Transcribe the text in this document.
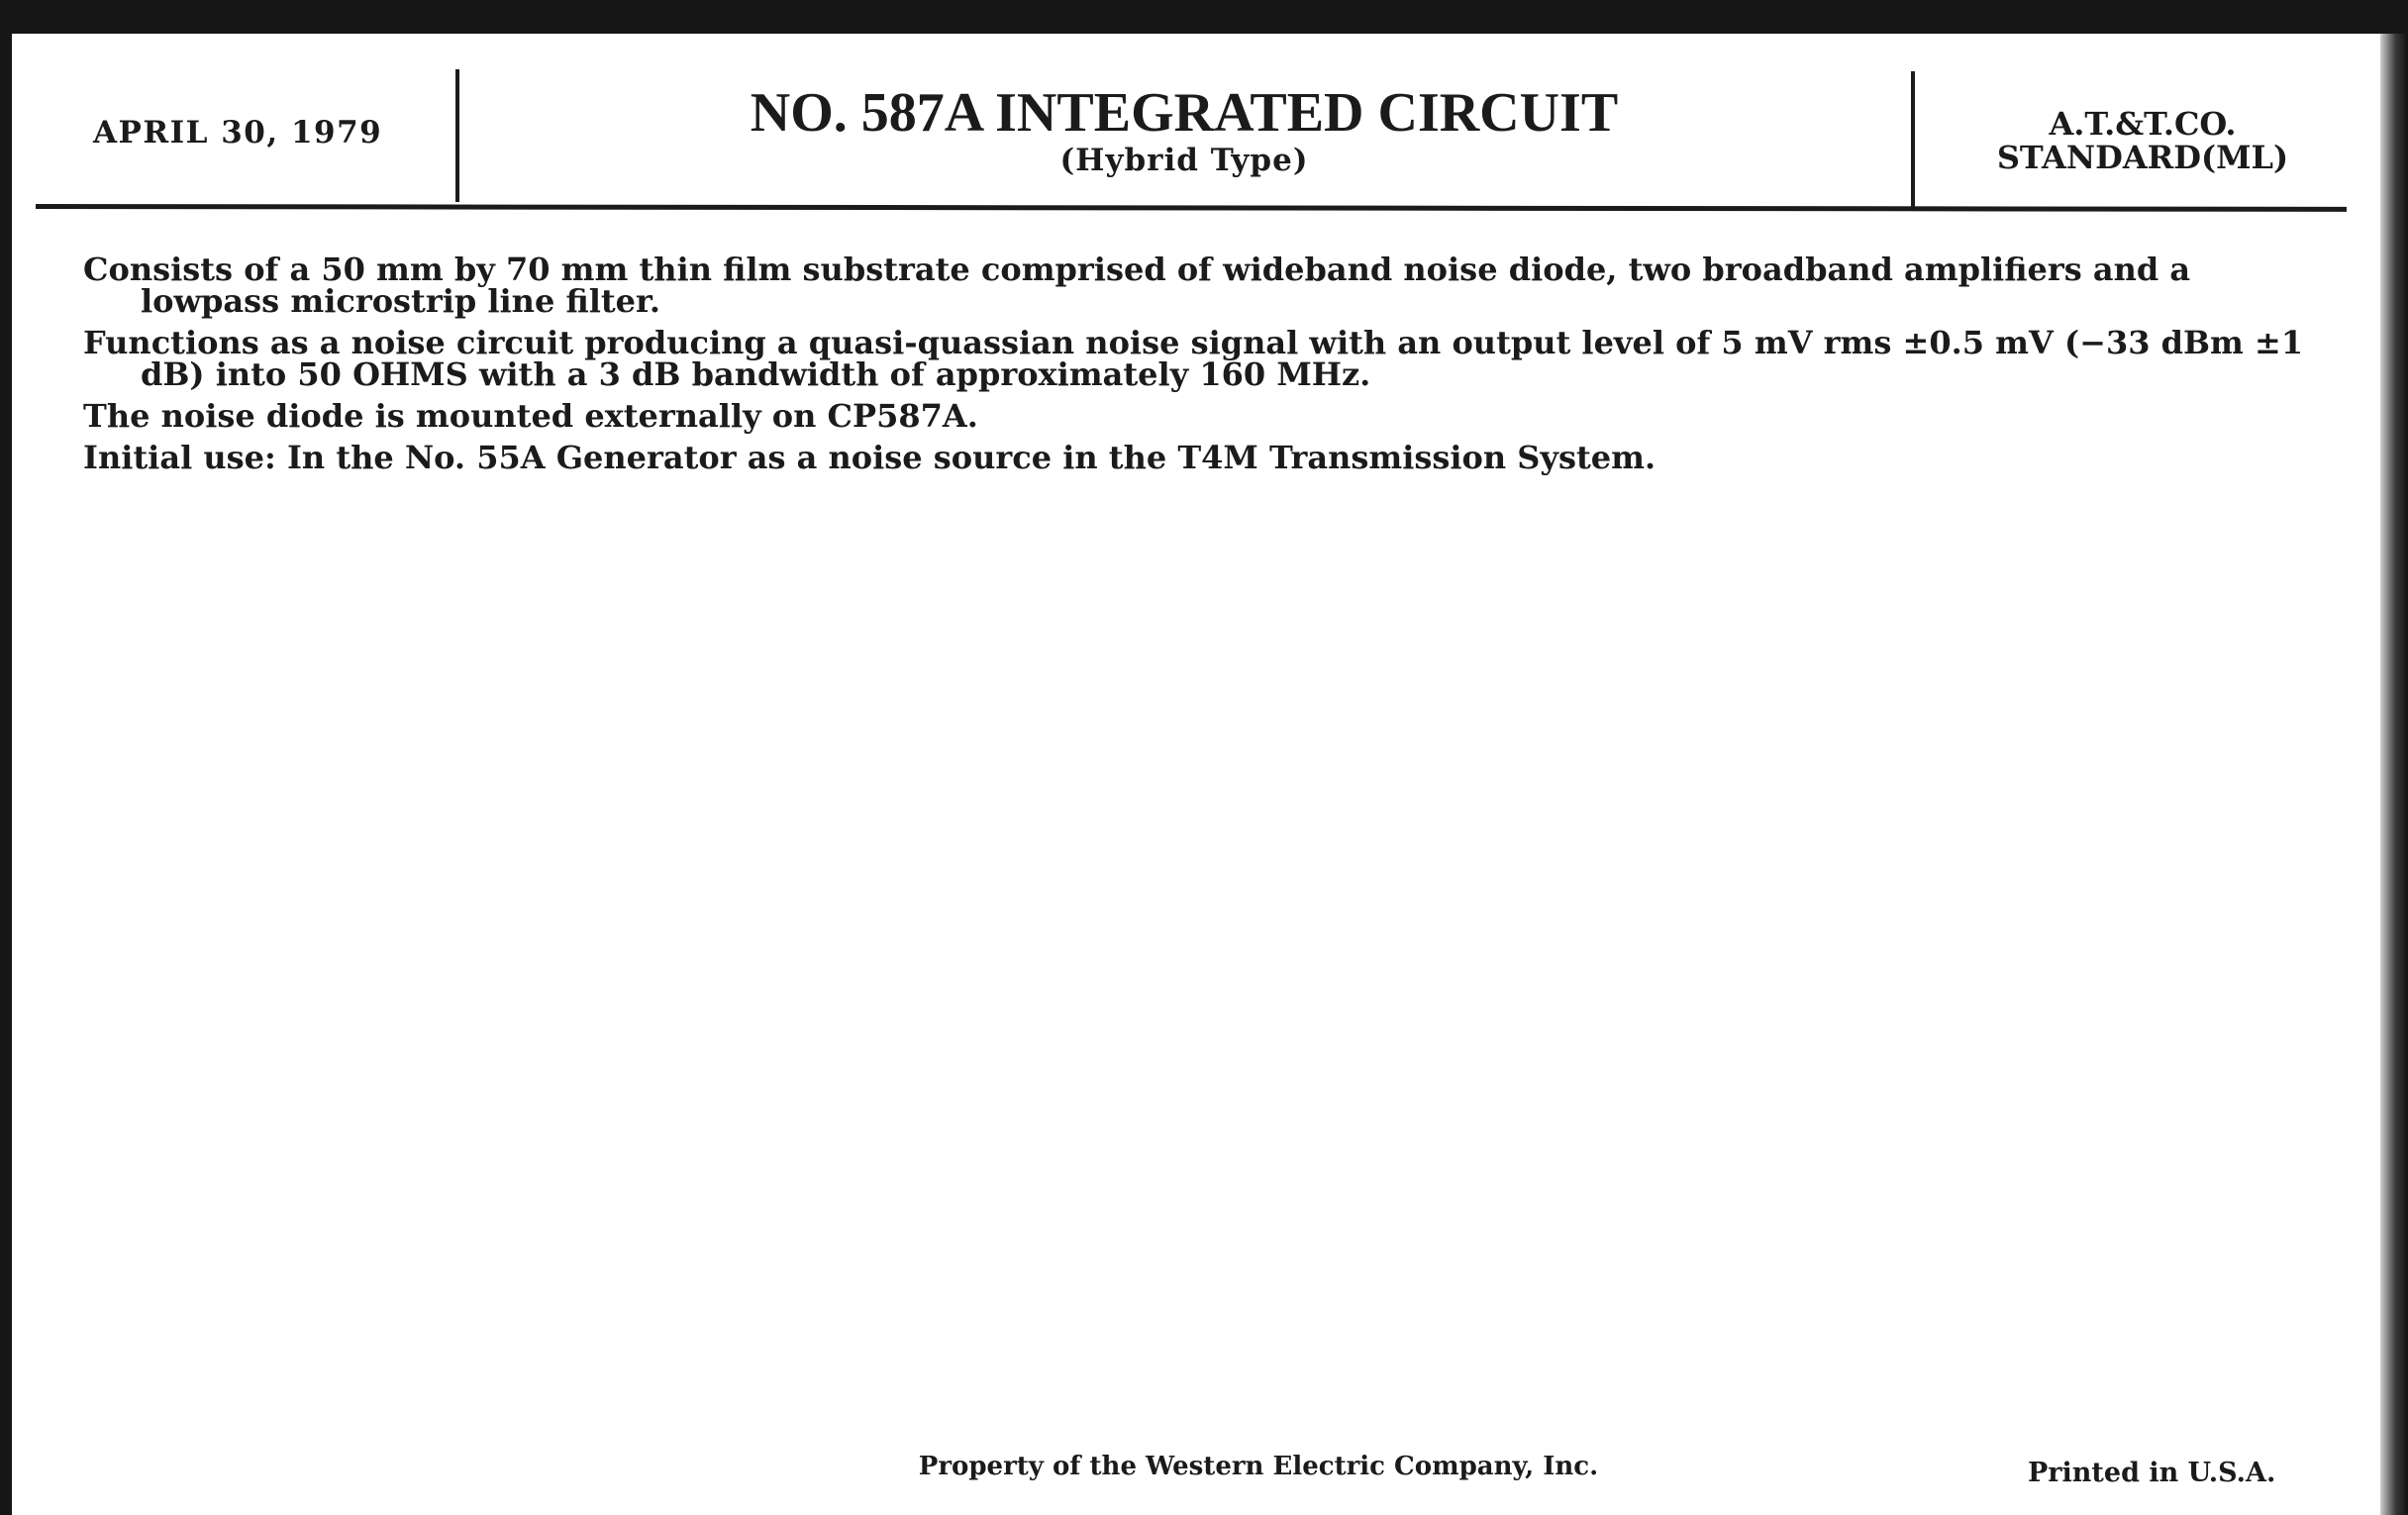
APRIL 30, 1979	NO. 587A INTEGRATED CIRCUIT
(Hybrid Type)
A.T.&T.CO.
STANDARD(ML)

Consists of a 50 mm by 70 mm thin film substrate comprised of wideband noise diode, two broadband amplifiers and a lowpass microstrip line filter.

Functions as a noise circuit producing a quasi-quassian noise signal with an output level of 5 mV rms ±0.5 mV (−33 dBm ±1 dB) into 50 OHMS with a 3 dB bandwidth of approximately 160 MHz.

The noise diode is mounted externally on CP587A.

Initial use: In the No. 55A Generator as a noise source in the T4M Transmission System.

Property of the Western Electric Company, Inc.	Printed in U.S.A.
